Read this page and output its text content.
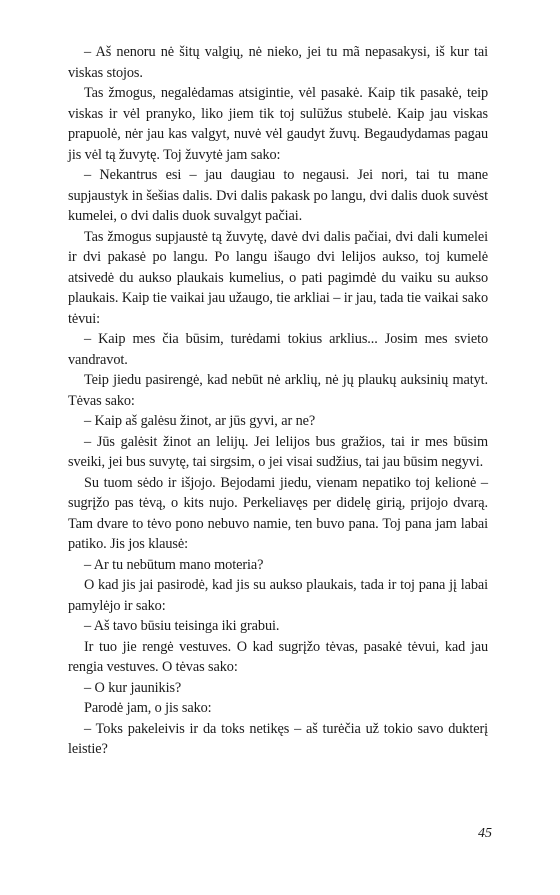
– Aš nenoru nė šitų valgių, nė nieko, jei tu mã nepasakysi, iš kur tai viskas stojos.

Tas žmogus, negalėdamas atsigintie, vėl pasakė. Kaip tik pasakė, teip viskas ir vėl pranyko, liko jiem tik toj sulūžus stubelė. Kaip jau viskas prapuolė, nėr jau kas valgyt, nuvė vėl gaudyt žuvų. Begaudydamas pagau jis vėl tą žuvytę. Toj žuvytė jam sako:

– Nekantrus esi – jau daugiau to negausi. Jei nori, tai tu mane supjaustyk in šešias dalis. Dvi dalis pakask po langu, dvi dalis duok suvėst kumelei, o dvi dalis duok suvalgyt pačiai.

Tas žmogus supjaustė tą žuvytę, davė dvi dalis pačiai, dvi dali kumelei ir dvi pakasė po langu. Po langu išaugo dvi lelijos aukso, toj kumelė atsivedė du aukso plaukais kumelius, o pati pagimdė du vaiku su aukso plaukais. Kaip tie vaikai jau užaugo, tie arkliai – ir jau, tada tie vaikai sako tėvui:

– Kaip mes čia būsim, turėdami tokius arklius... Josim mes svieto vandravot.

Teip jiedu pasirengė, kad nebūt nė arklių, nė jų plaukų auksinių matyt. Tėvas sako:

– Kaip aš galėsu žinot, ar jūs gyvi, ar ne?

– Jūs galėsit žinot an lelijų. Jei lelijos bus gražios, tai ir mes būsim sveiki, jei bus suvytę, tai sirgsim, o jei visai sudžius, tai jau būsim negyvi.

Su tuom sėdo ir išjojo. Bejodami jiedu, vienam nepatiko toj kelionė – sugrįžo pas tėvą, o kits nujo. Perkeliavęs per didelę girią, prijojo dvarą. Tam dvare to tėvo pono nebuvo namie, ten buvo pana. Toj pana jam labai patiko. Jis jos klausė:

– Ar tu nebūtum mano moteria?

O kad jis jai pasirodė, kad jis su aukso plaukais, tada ir toj pana jį labai pamylėjo ir sako:

– Aš tavo būsiu teisinga iki grabui.

Ir tuo jie rengė vestuves. O kad sugrįžo tėvas, pasakė tėvui, kad jau rengia vestuves. O tėvas sako:

– O kur jaunikis?

Parodė jam, o jis sako:

– Toks pakeleivis ir da toks netikęs – aš turėčia už tokio savo dukterį leistie?

45
